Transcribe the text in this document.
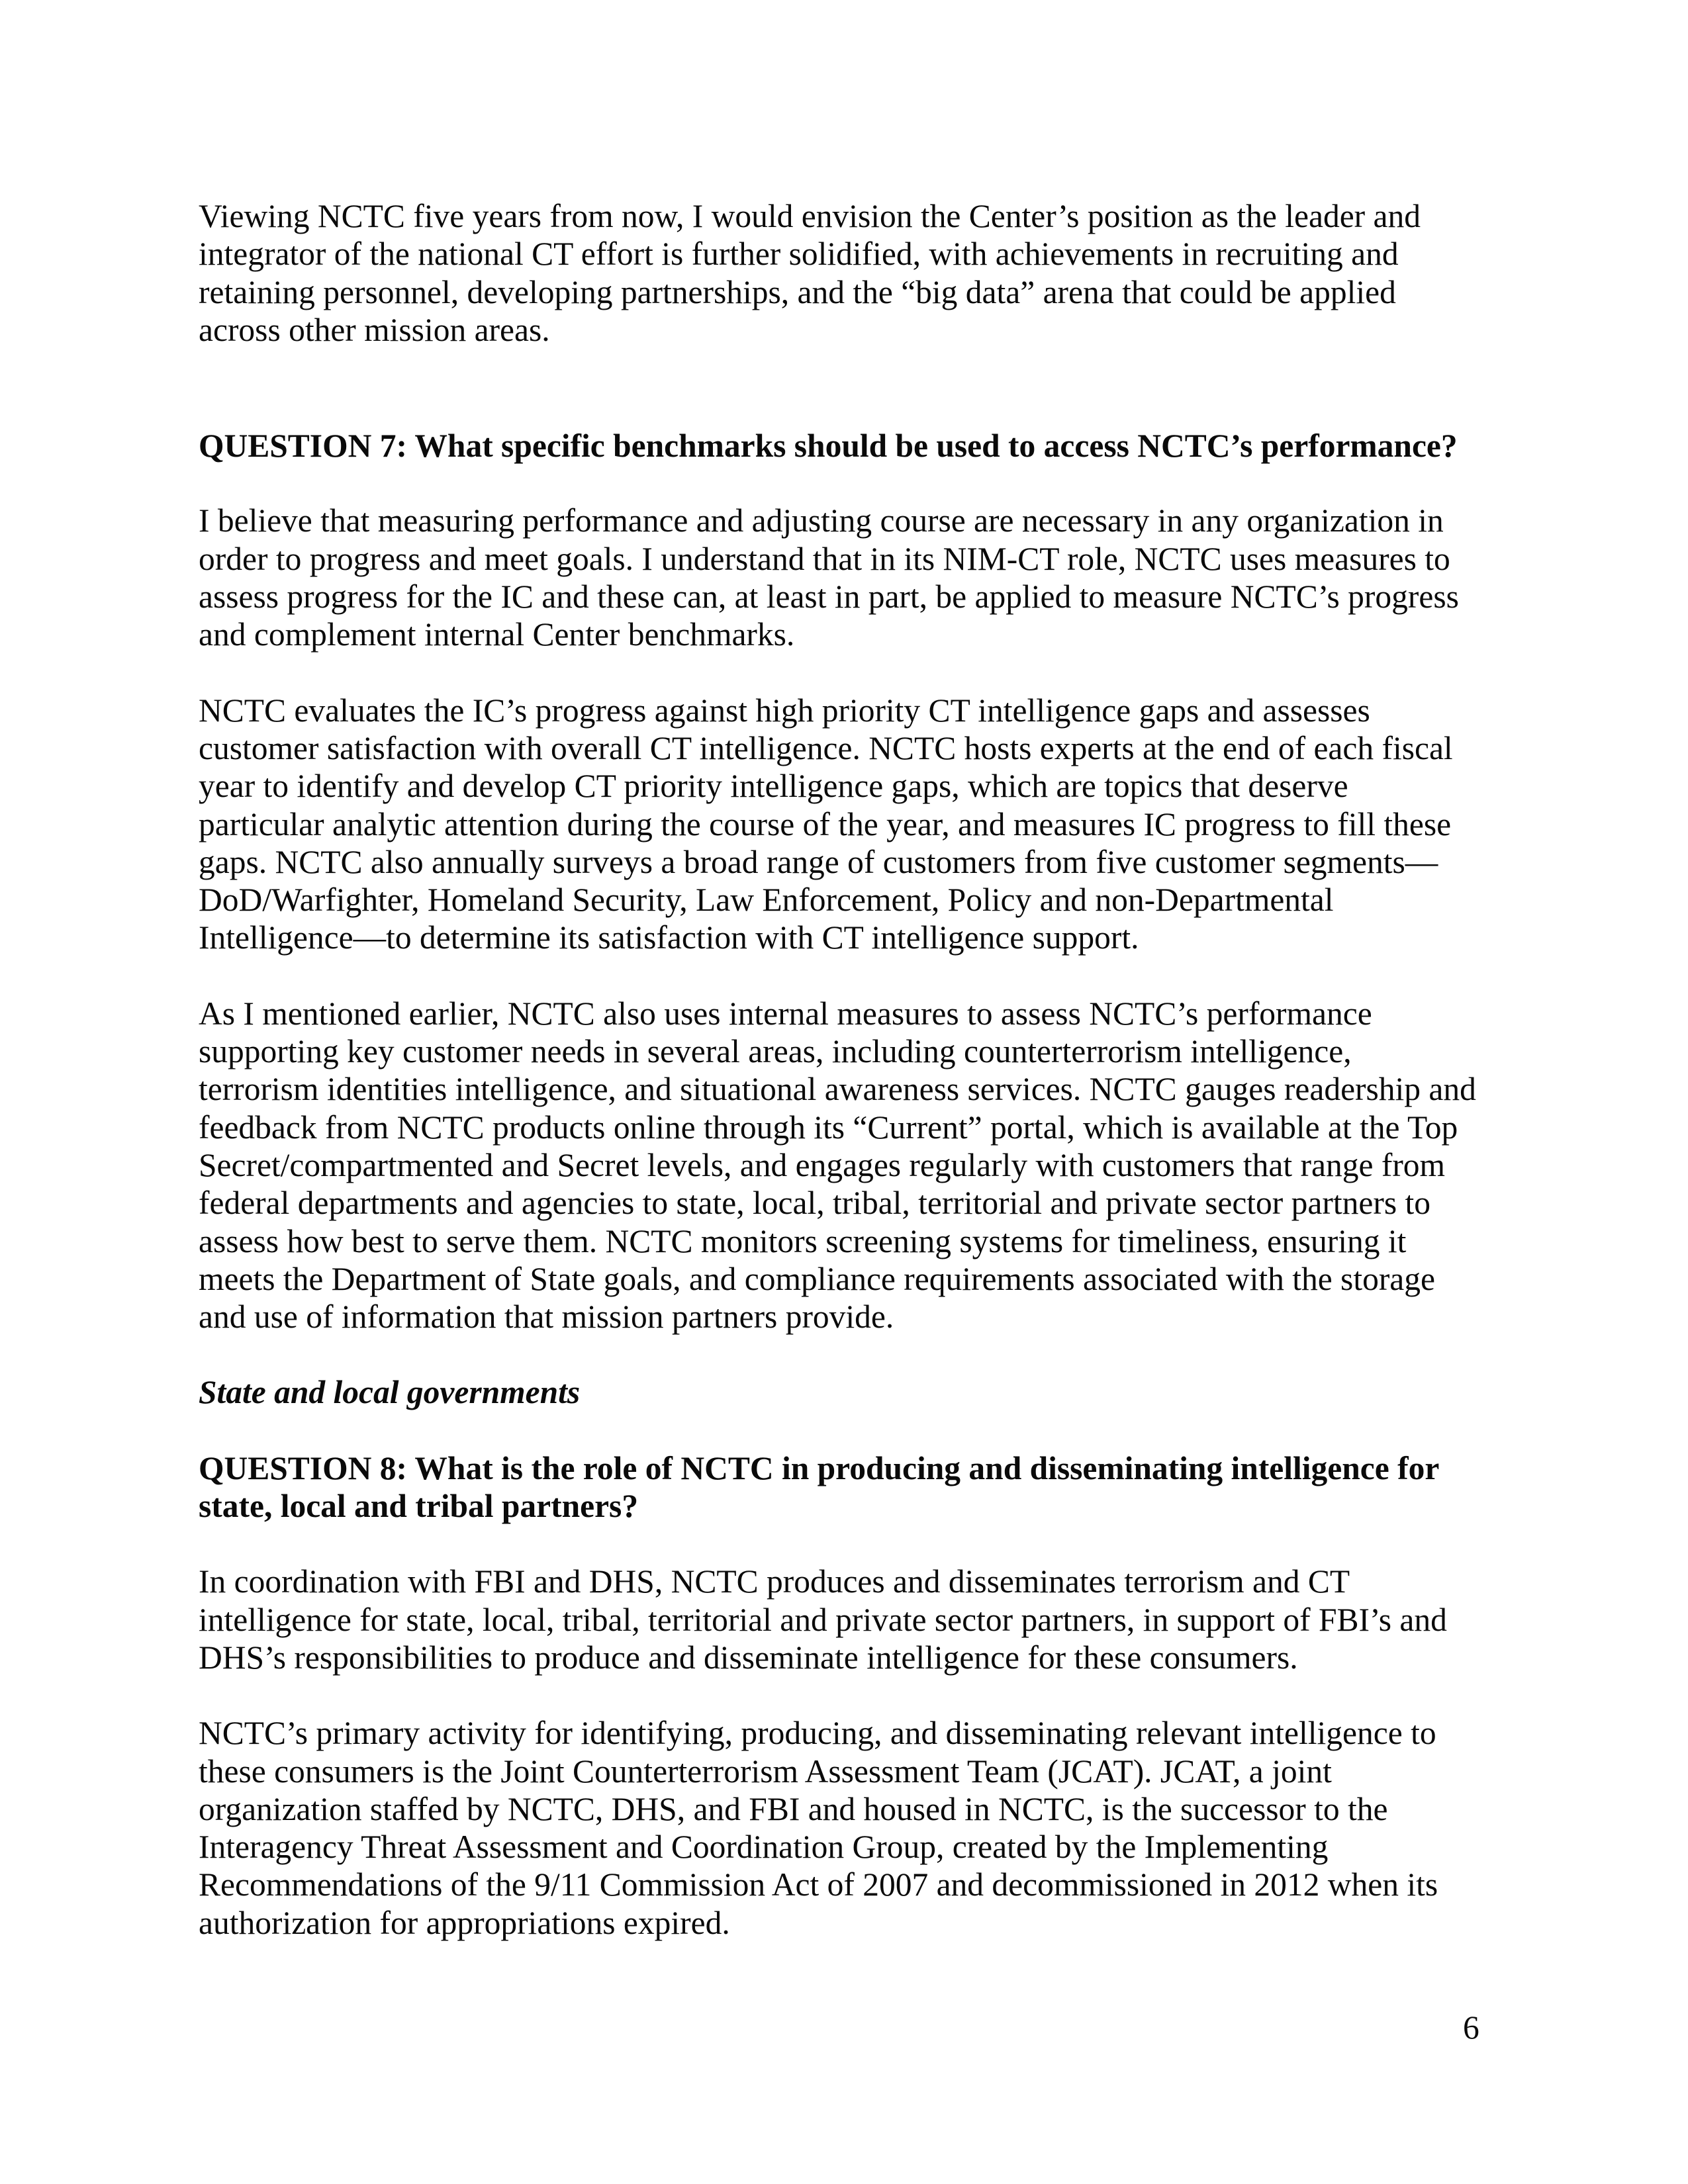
Viewing NCTC five years from now, I would envision the Center’s position as the leader and
integrator of the national CT effort is further solidified, with achievements in recruiting and
retaining personnel, developing partnerships, and the “big data” arena that could be applied
across other mission areas.

QUESTION 7: What specific benchmarks should be used to access NCTC’s performance?

I believe that measuring performance and adjusting course are necessary in any organization in
order to progress and meet goals. I understand that in its NIM-CT role, NCTC uses measures to
assess progress for the IC and these can, at least in part, be applied to measure NCTC’s progress
and complement internal Center benchmarks.

NCTC evaluates the IC’s progress against high priority CT intelligence gaps and assesses
customer satisfaction with overall CT intelligence. NCTC hosts experts at the end of each fiscal
year to identify and develop CT priority intelligence gaps, which are topics that deserve
particular analytic attention during the course of the year, and measures IC progress to fill these
gaps. NCTC also annually surveys a broad range of customers from five customer segments—
DoD/Warfighter, Homeland Security, Law Enforcement, Policy and non-Departmental
Intelligence—to determine its satisfaction with CT intelligence support.

As I mentioned earlier, NCTC also uses internal measures to assess NCTC’s performance
supporting key customer needs in several areas, including counterterrorism intelligence,
terrorism identities intelligence, and situational awareness services. NCTC gauges readership and
feedback from NCTC products online through its “Current” portal, which is available at the Top
Secret/compartmented and Secret levels, and engages regularly with customers that range from
federal departments and agencies to state, local, tribal, territorial and private sector partners to
assess how best to serve them. NCTC monitors screening systems for timeliness, ensuring it
meets the Department of State goals, and compliance requirements associated with the storage
and use of information that mission partners provide.

State and local governments

QUESTION 8: What is the role of NCTC in producing and disseminating intelligence for
state, local and tribal partners?

In coordination with FBI and DHS, NCTC produces and disseminates terrorism and CT
intelligence for state, local, tribal, territorial and private sector partners, in support of FBI’s and
DHS’s responsibilities to produce and disseminate intelligence for these consumers.

NCTC’s primary activity for identifying, producing, and disseminating relevant intelligence to
these consumers is the Joint Counterterrorism Assessment Team (JCAT). JCAT, a joint
organization staffed by NCTC, DHS, and FBI and housed in NCTC, is the successor to the
Interagency Threat Assessment and Coordination Group, created by the Implementing
Recommendations of the 9/11 Commission Act of 2007 and decommissioned in 2012 when its
authorization for appropriations expired.

6
